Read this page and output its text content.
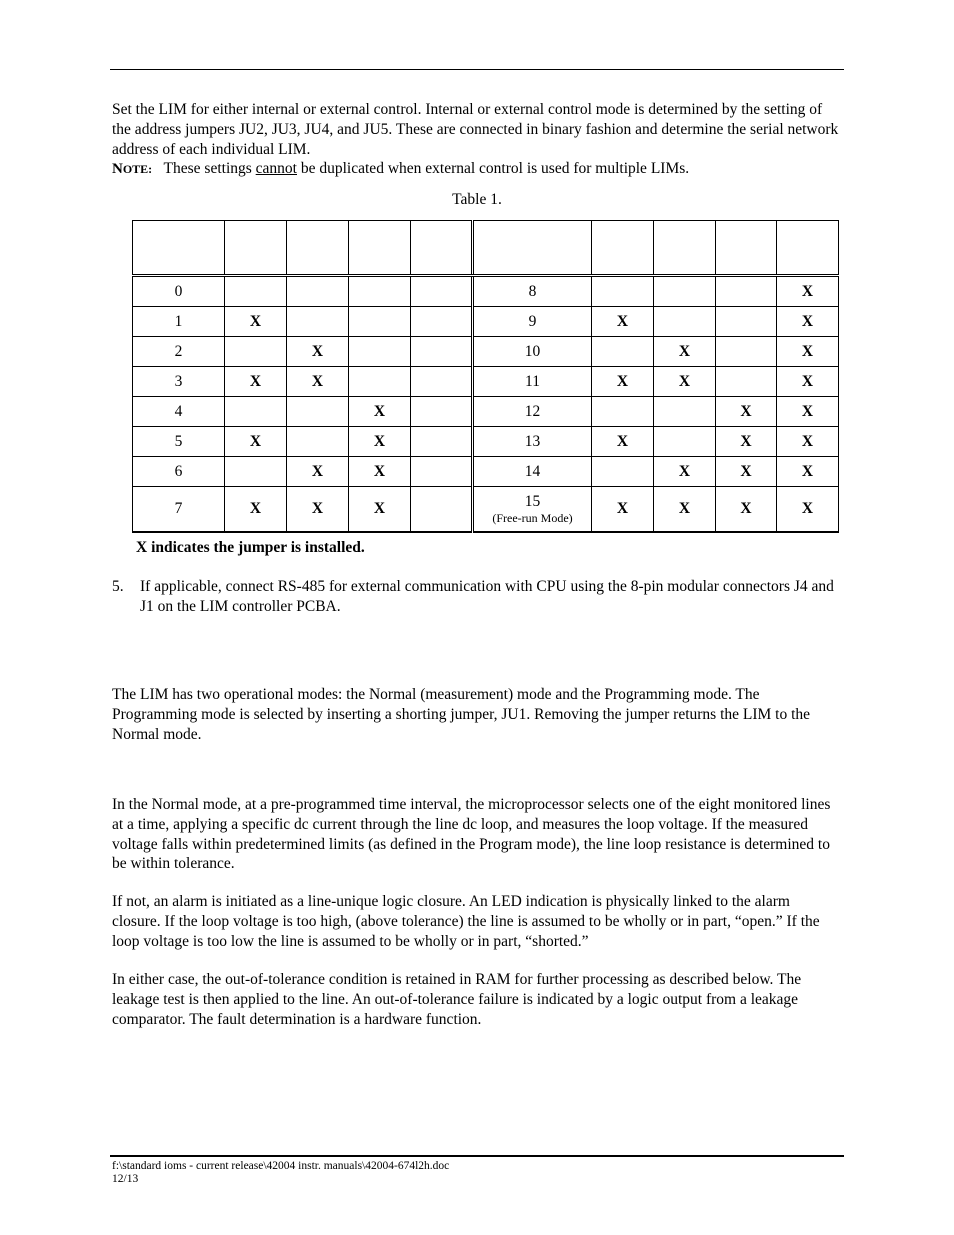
Set the LIM for either internal or external control. Internal or external control mode is determined by the setting of the address jumpers JU2, JU3, JU4, and JU5. These are connected in binary fashion and determine the serial network address of each individual LIM.
NOTE: These settings cannot be duplicated when external control is used for multiple LIMs.

Table 1.

0					8				X
1	X				9	X			X
2		X			10		X		X
3	X	X			11	X	X		X
4			X		12			X	X
5	X		X		13	X		X	X
6		X	X		14		X	X	X
7	X	X	X		15
(Free-run Mode)	X	X	X	X

X indicates the jumper is installed.

5. If applicable, connect RS-485 for external communication with CPU using the 8-pin modular connectors J4 and J1 on the LIM controller PCBA.

The LIM has two operational modes: the Normal (measurement) mode and the Programming mode. The Programming mode is selected by inserting a shorting jumper, JU1. Removing the jumper returns the LIM to the Normal mode.

In the Normal mode, at a pre-programmed time interval, the microprocessor selects one of the eight monitored lines at a time, applying a specific dc current through the line dc loop, and measures the loop voltage. If the measured voltage falls within predetermined limits (as defined in the Program mode), the line loop resistance is determined to be within tolerance.

If not, an alarm is initiated as a line-unique logic closure. An LED indication is physically linked to the alarm closure. If the loop voltage is too high, (above tolerance) the line is assumed to be wholly or in part, “open.” If the loop voltage is too low the line is assumed to be wholly or in part, “shorted.”

In either case, the out-of-tolerance condition is retained in RAM for further processing as described below. The leakage test is then applied to the line. An out-of-tolerance failure is indicated by a logic output from a leakage comparator. The fault determination is a hardware function.

f:\standard ioms - current release\42004 instr. manuals\42004-674l2h.doc

12/13
